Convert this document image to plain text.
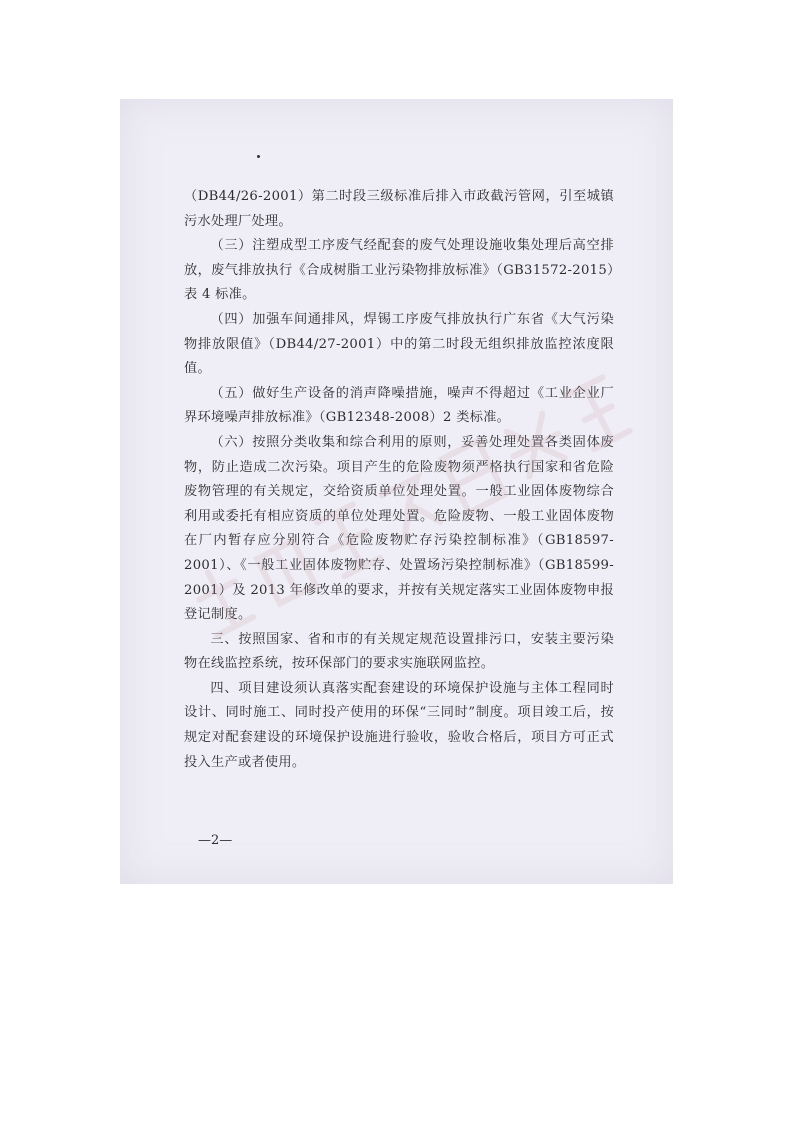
（DB44/26-2001）第二时段三级标准后排入市政截污管网，引至城镇污水处理厂处理。

（三）注塑成型工序废气经配套的废气处理设施收集处理后高空排放，废气排放执行《合成树脂工业污染物排放标准》（GB31572-2015）表 4 标准。

（四）加强车间通排风，焊锡工序废气排放执行广东省《大气污染物排放限值》（DB44/27-2001）中的第二时段无组织排放监控浓度限值。

（五）做好生产设备的消声降噪措施，噪声不得超过《工业企业厂界环境噪声排放标准》（GB12348-2008）2 类标准。

（六）按照分类收集和综合利用的原则，妥善处理处置各类固体废物，防止造成二次污染。项目产生的危险废物须严格执行国家和省危险废物管理的有关规定，交给资质单位处理处置。一般工业固体废物综合利用或委托有相应资质的单位处理处置。危险废物、一般工业固体废物在厂内暂存应分别符合《危险废物贮存污染控制标准》（GB18597-2001）、《一般工业固体废物贮存、处置场污染控制标准》（GB18599-2001）及 2013 年修改单的要求，并按有关规定落实工业固体废物申报登记制度。

三、按照国家、省和市的有关规定规范设置排污口，安装主要污染物在线监控系统，按环保部门的要求实施联网监控。

四、项目建设须认真落实配套建设的环境保护设施与主体工程同时设计、同时施工、同时投产使用的环保“三同时”制度。项目竣工后，按规定对配套建设的环境保护设施进行验收，验收合格后，项目方可正式投入生产或者使用。

—2—
